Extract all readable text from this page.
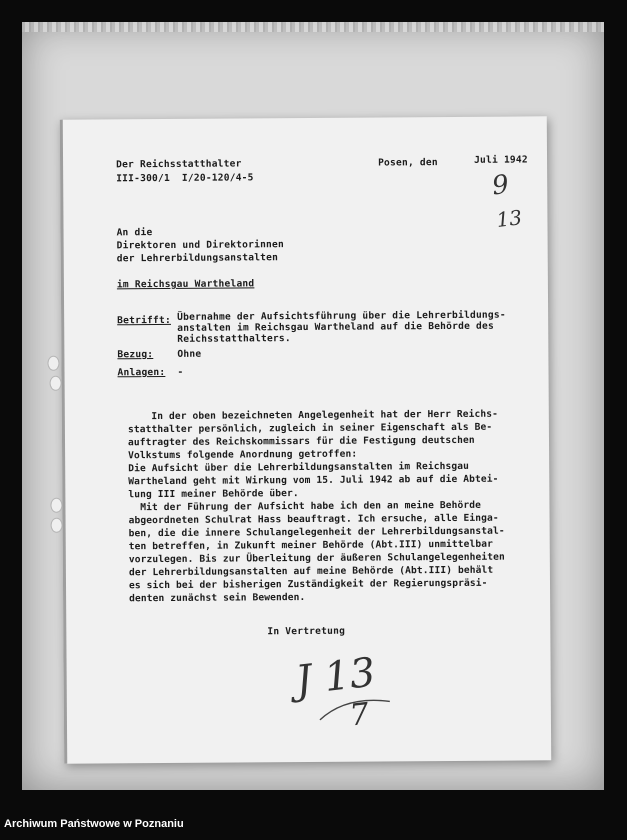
Der Reichsstatthalter
III-300/1  I/20-120/4-5
Posen, den	Juli 1942
9
13
An die
Direktoren und Direktorinnen
der Lehrerbildungsanstalten
im Reichsgau Wartheland
Betrifft: Übernahme der Aufsichtsführung über die Lehrerbildungs-
anstalten im Reichsgau Wartheland auf die Behörde des
Reichsstatthalters.
Bezug:	Ohne
Anlagen: -
In der oben bezeichneten Angelegenheit hat der Herr Reichs-
statthalter persönlich, zugleich in seiner Eigenschaft als Be-
auftragter des Reichskommissars für die Festigung deutschen
Volkstums folgende Anordnung getroffen:
Die Aufsicht über die Lehrerbildungsanstalten im Reichsgau
Wartheland geht mit Wirkung vom 15. Juli 1942 ab auf die Abtei-
lung III meiner Behörde über.
Mit der Führung der Aufsicht habe ich den an meine Behörde
abgeordneten Schulrat Hass beauftragt. Ich ersuche, alle Einga-
ben, die die innere Schulangelegenheit der Lehrerbildungsanstal-
ten betreffen, in Zukunft meiner Behörde (Abt.III) unmittelbar
vorzulegen. Bis zur Überleitung der äußeren Schulangelegenheiten
der Lehrerbildungsanstalten auf meine Behörde (Abt.III) behält
es sich bei der bisherigen Zuständigkeit der Regierungspräsi-
denten zunächst sein Bewenden.
In Vertretung
J 13
7
Archiwum Państwowe w Poznaniu
